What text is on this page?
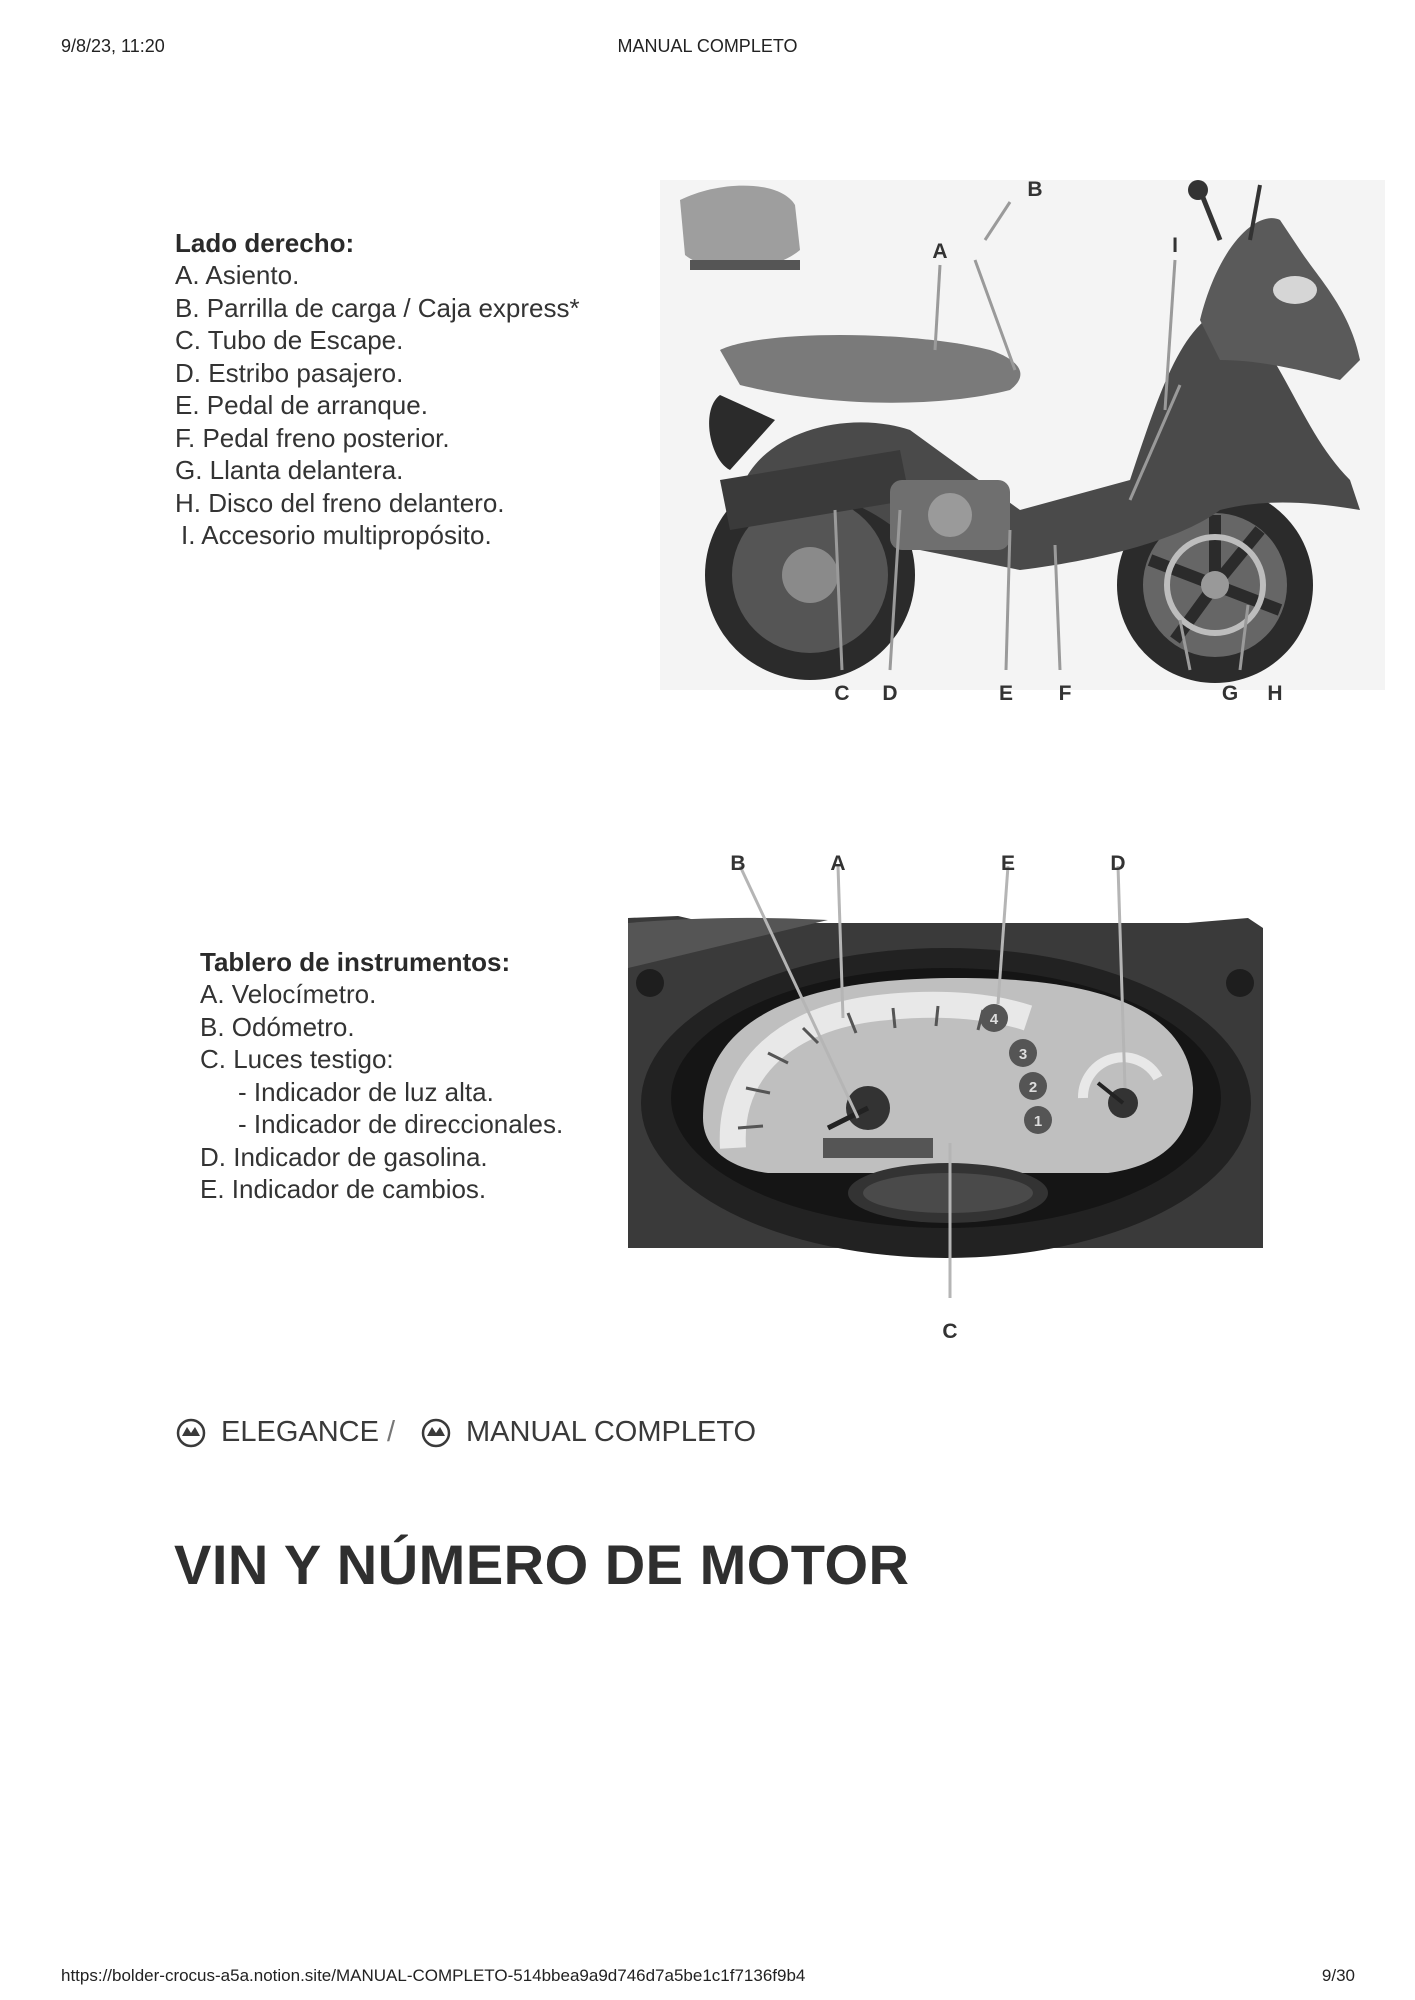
9/8/23, 11:20	MANUAL COMPLETO
Lado derecho:
A. Asiento.
B. Parrilla de carga / Caja express*
C. Tubo de Escape.
D. Estribo pasajero.
E. Pedal de arranque.
F. Pedal freno posterior.
G. Llanta delantera.
H. Disco del freno delantero.
I. Accesorio multipropósito.
B
A	I
C D	E F	G H
Tablero de instrumentos:
A. Velocímetro.
B. Odómetro.
C. Luces testigo:
- Indicador de luz alta.
- Indicador de direccionales.
D. Indicador de gasolina.
E. Indicador de cambios.
4
3
2
1
B	A	E	D
C
ELEGANCE / MANUAL COMPLETO
VIN Y NÚMERO DE MOTOR
https://bolder-crocus-a5a.notion.site/MANUAL-COMPLETO-514bbea9a9d746d7a5be1c1f7136f9b4	9/30
